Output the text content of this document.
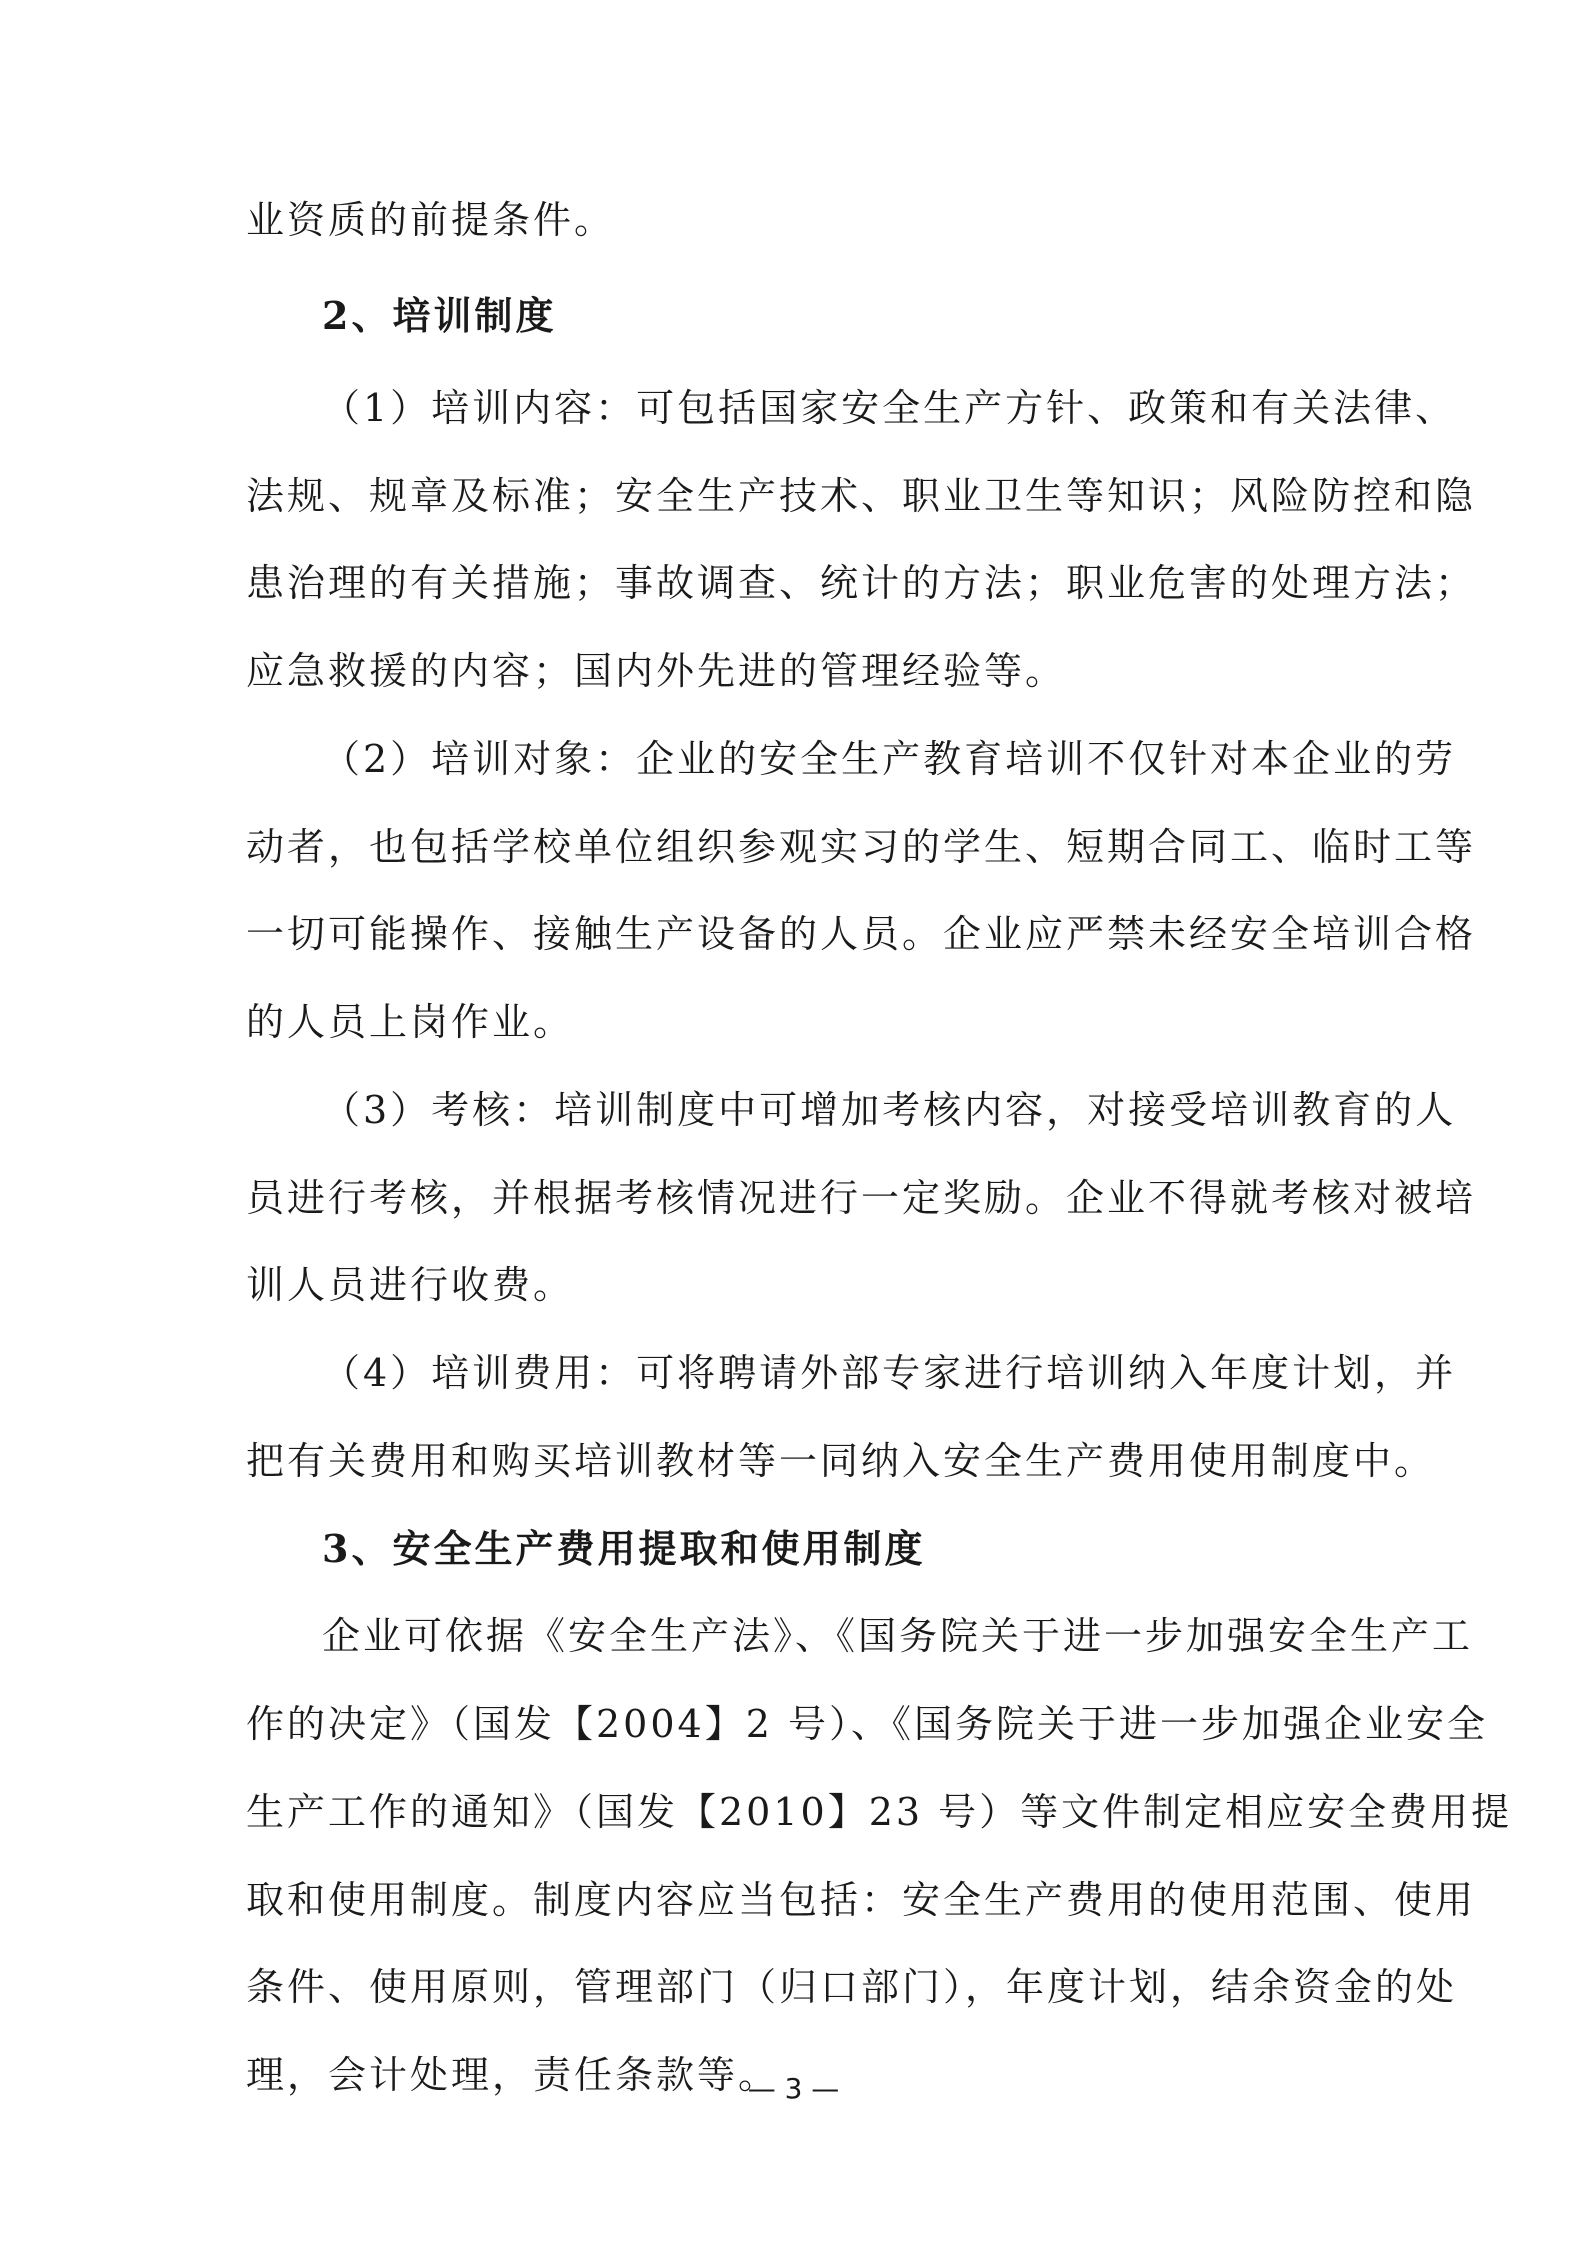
业资质的前提条件。
2、培训制度
（1）培训内容：可包括国家安全生产方针、政策和有关法律、
法规、规章及标准；安全生产技术、职业卫生等知识；风险防控和隐
患治理的有关措施；事故调查、统计的方法；职业危害的处理方法；
应急救援的内容；国内外先进的管理经验等。
（2）培训对象：企业的安全生产教育培训不仅针对本企业的劳
动者，也包括学校单位组织参观实习的学生、短期合同工、临时工等
一切可能操作、接触生产设备的人员。企业应严禁未经安全培训合格
的人员上岗作业。
（3）考核：培训制度中可增加考核内容，对接受培训教育的人
员进行考核，并根据考核情况进行一定奖励。企业不得就考核对被培
训人员进行收费。
（4）培训费用：可将聘请外部专家进行培训纳入年度计划，并
把有关费用和购买培训教材等一同纳入安全生产费用使用制度中。
3、安全生产费用提取和使用制度
企业可依据《安全生产法》、《国务院关于进一步加强安全生产工
作的决定》（国发【2004】2 号）、《国务院关于进一步加强企业安全
生产工作的通知》（国发【2010】23 号）等文件制定相应安全费用提
取和使用制度。制度内容应当包括：安全生产费用的使用范围、使用
条件、使用原则，管理部门（归口部门），年度计划，结余资金的处
理，会计处理，责任条款等。
— 3 —
